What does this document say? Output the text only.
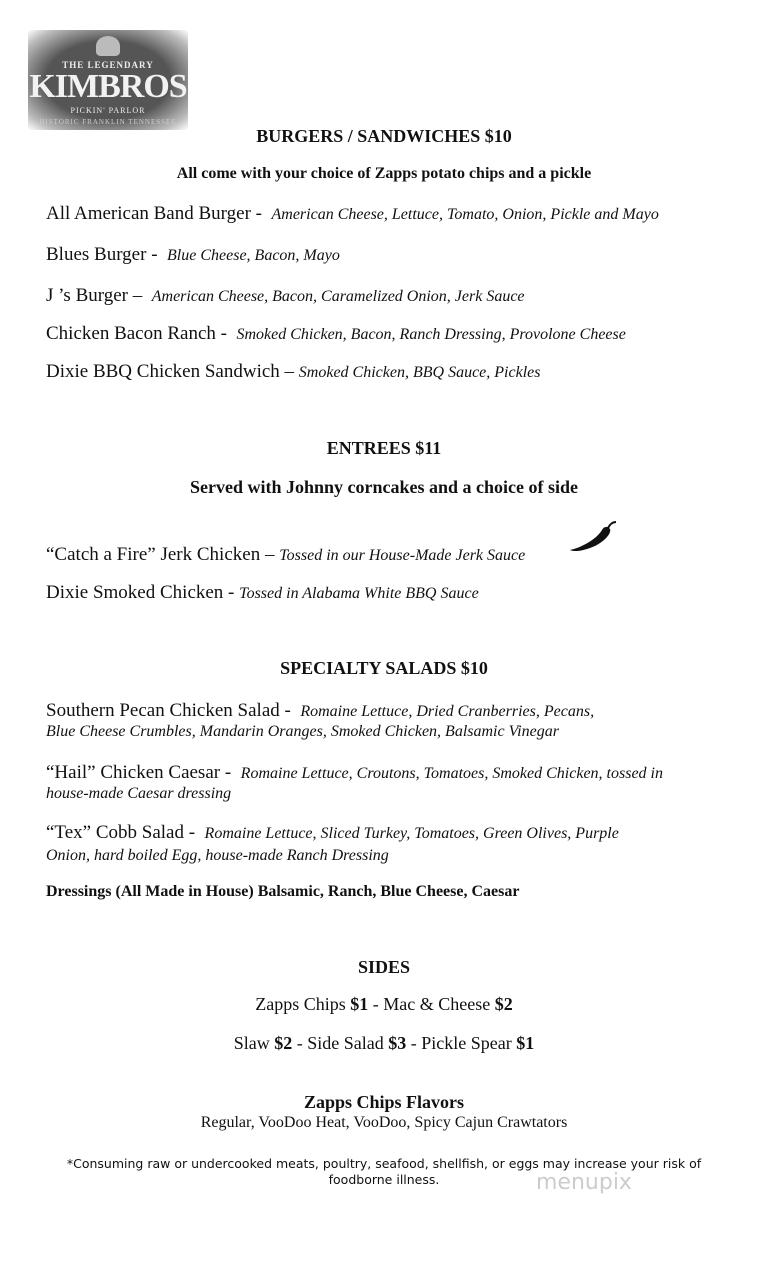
THE LEGENDARY
KIMBROS
PICKIN' PARLOR
HISTORIC FRANKLIN TENNESSEE
BURGERS / SANDWICHES $10
All come with your choice of Zapps potato chips and a pickle
All American Band Burger - American Cheese, Lettuce, Tomato, Onion, Pickle and Mayo
Blues Burger - Blue Cheese, Bacon, Mayo
J ’s Burger – American Cheese, Bacon, Caramelized Onion, Jerk Sauce
Chicken Bacon Ranch - Smoked Chicken, Bacon, Ranch Dressing, Provolone Cheese
Dixie BBQ Chicken Sandwich – Smoked Chicken, BBQ Sauce, Pickles
ENTREES $11
Served with Johnny corncakes and a choice of side
“Catch a Fire” Jerk Chicken – Tossed in our House-Made Jerk Sauce
Dixie Smoked Chicken - Tossed in Alabama White BBQ Sauce
SPECIALTY SALADS $10
Southern Pecan Chicken Salad - Romaine Lettuce, Dried Cranberries, Pecans,
Blue Cheese Crumbles, Mandarin Oranges, Smoked Chicken, Balsamic Vinegar
“Hail” Chicken Caesar - Romaine Lettuce, Croutons, Tomatoes, Smoked Chicken, tossed in
house-made Caesar dressing
“Tex” Cobb Salad - Romaine Lettuce, Sliced Turkey, Tomatoes, Green Olives, Purple
Onion, hard boiled Egg, house-made Ranch Dressing
Dressings (All Made in House) Balsamic, Ranch, Blue Cheese, Caesar
SIDES
Zapps Chips $1 - Mac & Cheese $2
Slaw $2 - Side Salad $3 - Pickle Spear $1
Zapps Chips Flavors
Regular, VooDoo Heat, VooDoo, Spicy Cajun Crawtators
*Consuming raw or undercooked meats, poultry, seafood, shellfish, or eggs may increase your risk of
foodborne illness.	menupix
